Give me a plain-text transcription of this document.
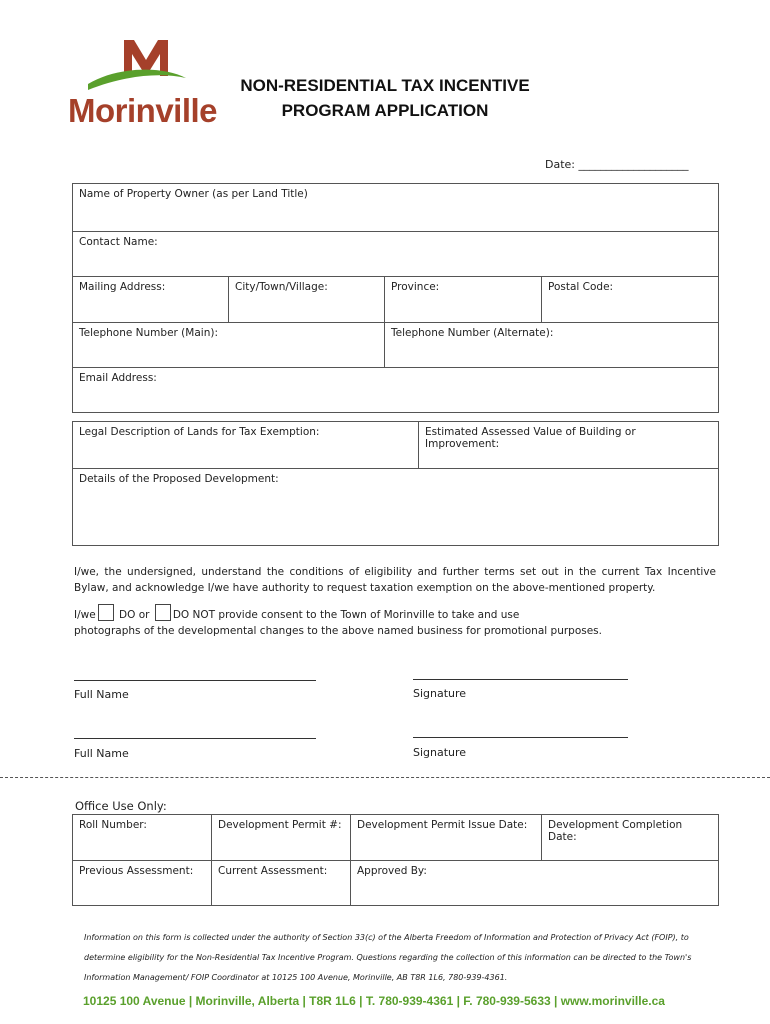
Morinville
NON-RESIDENTIAL TAX INCENTIVE
PROGRAM APPLICATION
Date: ____________________
Name of Property Owner (as per Land Title)
Contact Name:
Mailing Address:	City/Town/Village:	Province:	Postal Code:
Telephone Number (Main):	Telephone Number (Alternate):
Email Address:
Legal Description of Lands for Tax Exemption:	Estimated Assessed Value of Building or Improvement:
Details of the Proposed Development:
I/we, the undersigned, understand the conditions of eligibility and further terms set out in the current Tax Incentive Bylaw, and acknowledge I/we have authority to request taxation exemption on the above-mentioned property.
I/we DO or DO NOT provide consent to the Town of Morinville to take and use
photographs of the developmental changes to the above named business for promotional purposes.
Full Name	Signature
Full Name	Signature
Office Use Only:
Roll Number:	Development Permit #:	Development Permit Issue Date:	Development Completion Date:
Previous Assessment:	Current Assessment:	Approved By:
Information on this form is collected under the authority of Section 33(c) of the Alberta Freedom of Information and Protection of Privacy Act (FOIP), to determine eligibility for the Non-Residential Tax Incentive Program. Questions regarding the collection of this information can be directed to the Town's Information Management/ FOIP Coordinator at 10125 100 Avenue, Morinville, AB T8R 1L6, 780-939-4361.
10125 100 Avenue | Morinville, Alberta | T8R 1L6 | T. 780-939-4361 | F. 780-939-5633 | www.morinville.ca
